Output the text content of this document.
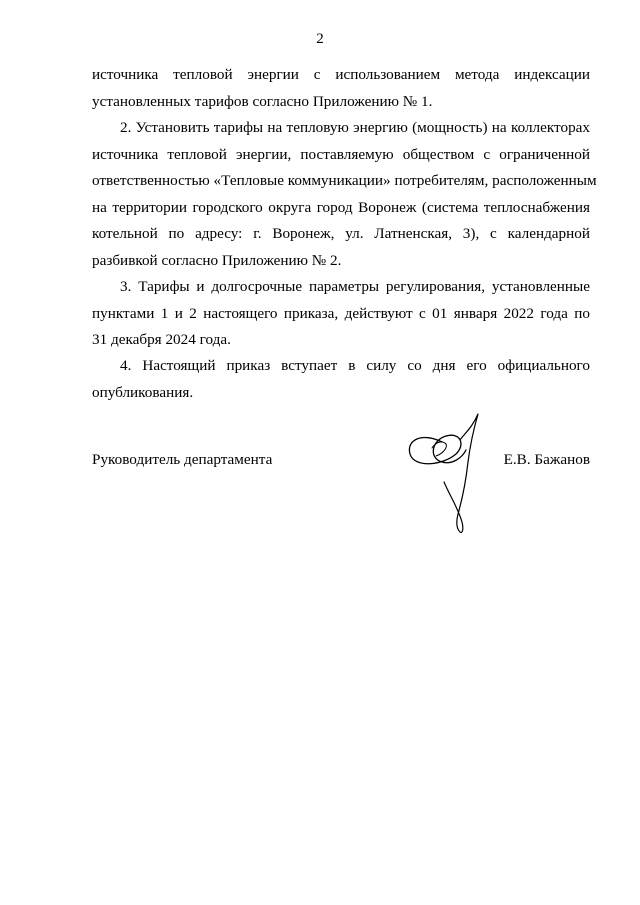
2
источника тепловой энергии с использованием метода индексации
установленных тарифов согласно Приложению № 1.
2. Установить тарифы на тепловую энергию (мощность) на коллекторах
источника тепловой энергии, поставляемую обществом с ограниченной
ответственностью «Тепловые коммуникации» потребителям, расположенным
на территории городского округа город Воронеж (система теплоснабжения
котельной по адресу: г. Воронеж, ул. Латненская, 3), с календарной
разбивкой согласно Приложению № 2.
3. Тарифы и долгосрочные параметры регулирования, установленные
пунктами 1 и 2 настоящего приказа, действуют с 01 января 2022 года по
31 декабря 2024 года.
4. Настоящий приказ вступает в силу со дня его официального
опубликования.
Руководитель департамента	Е.В. Бажанов
